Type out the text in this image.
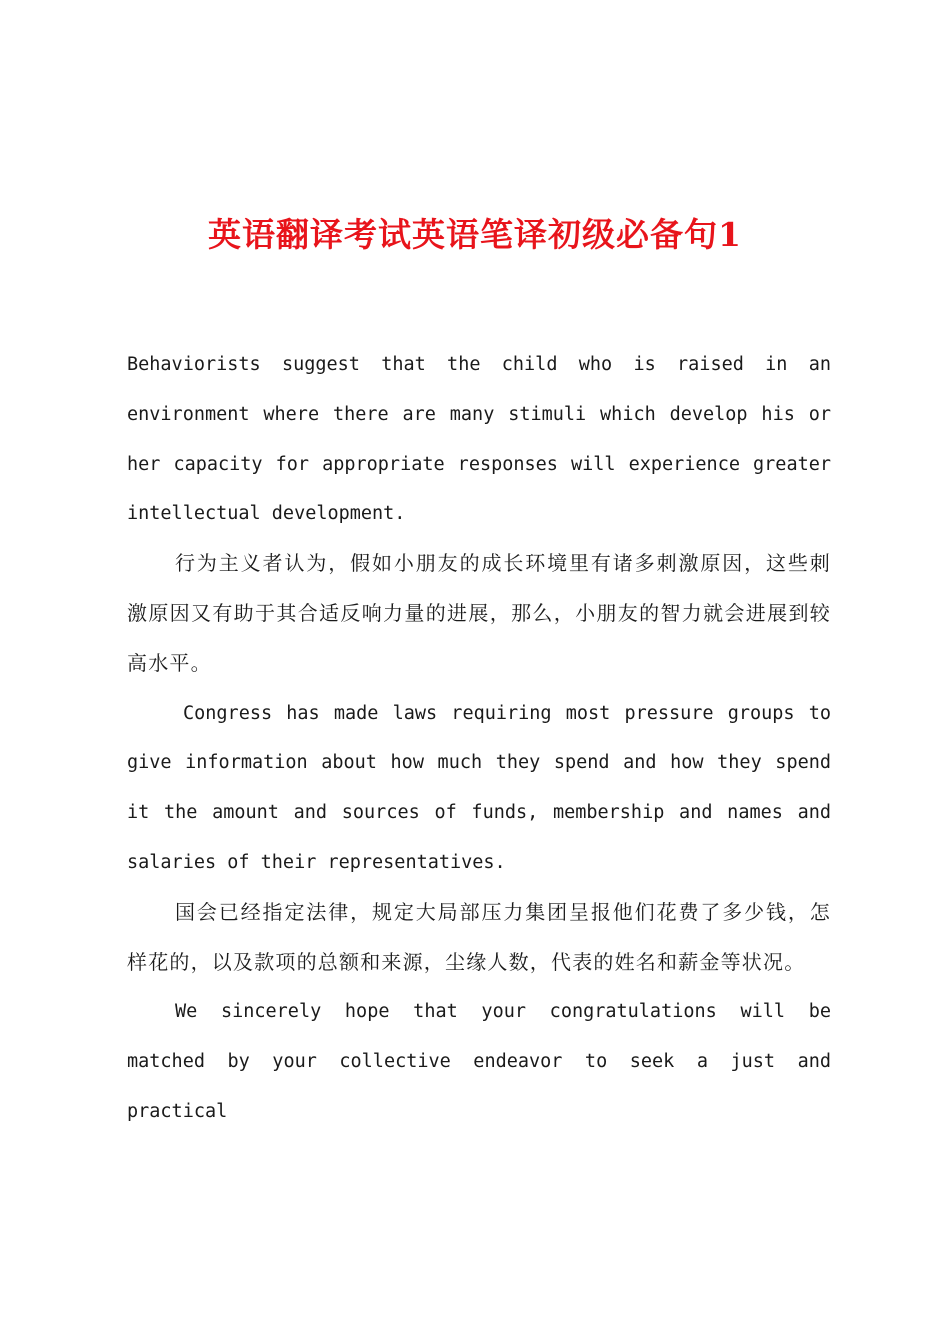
英语翻译考试英语笔译初级必备句1

Behaviorists suggest that the child who is raised in an environment where there are many stimuli which develop his or her capacity for appropriate responses will experience greater intellectual development.

行为主义者认为，假如小朋友的成长环境里有诸多刺激原因，这些刺激原因又有助于其合适反响力量的进展，那么，小朋友的智力就会进展到较高水平。

Congress has made laws requiring most pressure groups to give information about how much they spend and how they spend it the amount and sources of funds, membership and names and salaries of their representatives.

国会已经指定法律，规定大局部压力集团呈报他们花费了多少钱，怎样花的，以及款项的总额和来源，尘缘人数，代表的姓名和薪金等状况。

We sincerely hope that your congratulations will be matched by your collective endeavor to seek a just and practical
